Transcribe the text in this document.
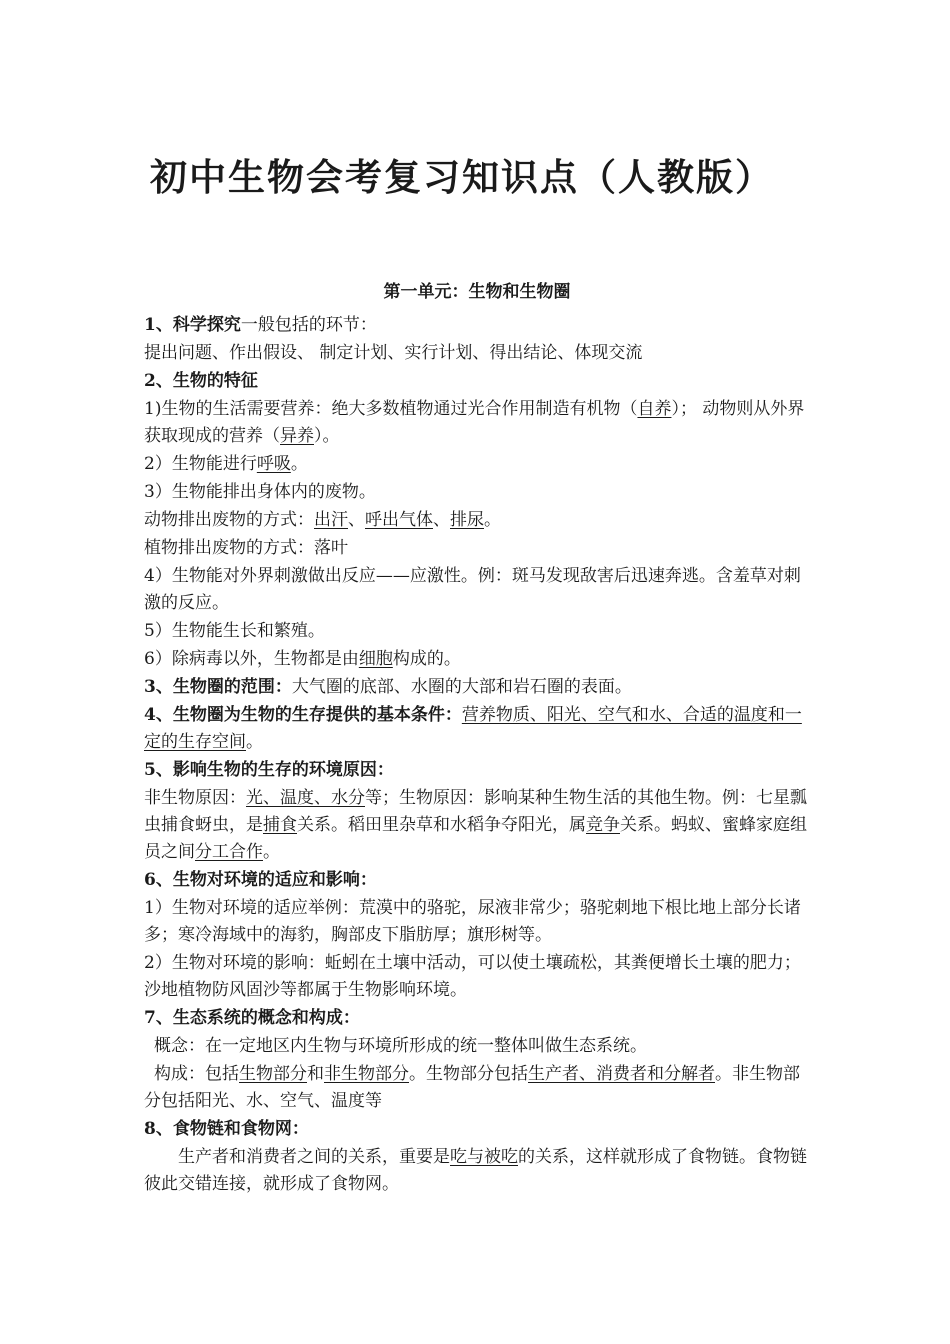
初中生物会考复习知识点（人教版）

第一单元：生物和生物圈

1、科学探究一般包括的环节：

提出问题、作出假设、 制定计划、实行计划、得出结论、体现交流

2、生物的特征

1)生物的生活需要营养：绝大多数植物通过光合作用制造有机物（自养）； 动物则从外界获取现成的营养（异养）。

2）生物能进行呼吸。

3）生物能排出身体内的废物。

动物排出废物的方式：出汗、呼出气体、排尿。

植物排出废物的方式：落叶

4）生物能对外界刺激做出反应——应激性。例：斑马发现敌害后迅速奔逃。含羞草对刺激的反应。

5）生物能生长和繁殖。

6）除病毒以外，生物都是由细胞构成的。

3、生物圈的范围：大气圈的底部、水圈的大部和岩石圈的表面。

4、生物圈为生物的生存提供的基本条件：营养物质、阳光、空气和水、合适的温度和一定的生存空间。

5、影响生物的生存的环境原因：

非生物原因：光、温度、水分等；生物原因：影响某种生物生活的其他生物。例：七星瓢虫捕食蚜虫，是捕食关系。稻田里杂草和水稻争夺阳光，属竞争关系。蚂蚁、蜜蜂家庭组员之间分工合作。

6、生物对环境的适应和影响：

1）生物对环境的适应举例：荒漠中的骆驼，尿液非常少；骆驼刺地下根比地上部分长诸多；寒冷海域中的海豹，胸部皮下脂肪厚；旗形树等。

2）生物对环境的影响：蚯蚓在土壤中活动，可以使土壤疏松，其粪便增长土壤的肥力；沙地植物防风固沙等都属于生物影响环境。

7、生态系统的概念和构成：

概念：在一定地区内生物与环境所形成的统一整体叫做生态系统。

构成：包括生物部分和非生物部分。生物部分包括生产者、消费者和分解者。非生物部分包括阳光、水、空气、温度等

8、食物链和食物网：

生产者和消费者之间的关系，重要是吃与被吃的关系，这样就形成了食物链。食物链彼此交错连接，就形成了食物网。
